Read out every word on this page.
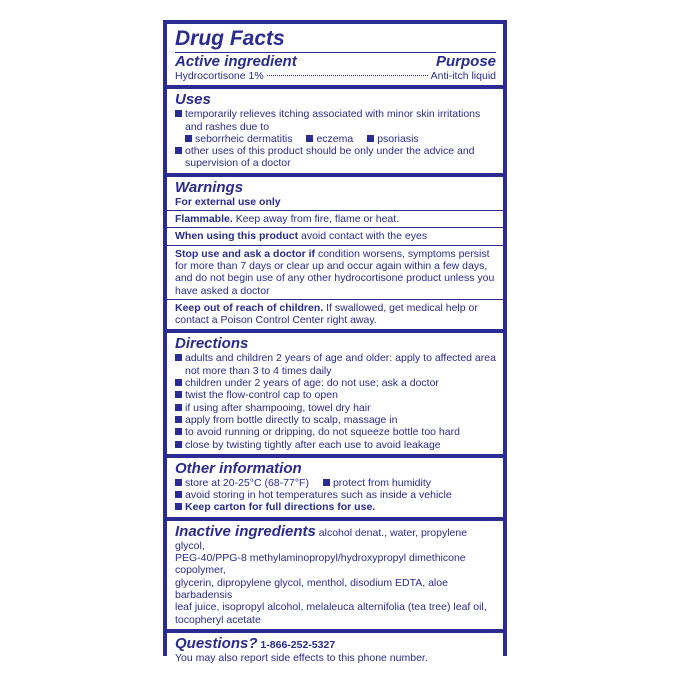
Drug Facts
Active ingredient	Purpose
Hydrocortisone 1%	Anti-itch liquid
Uses
temporarily relieves itching associated with minor skin irritations
and rashes due to
seborrheic dermatitis eczema psoriasis
other uses of this product should be only under the advice and
supervision of a doctor
Warnings
For external use only
Flammable. Keep away from fire, flame or heat.
When using this product avoid contact with the eyes
Stop use and ask a doctor if condition worsens, symptoms persist
for more than 7 days or clear up and occur again within a few days,
and do not begin use of any other hydrocortisone product unless you
have asked a doctor
Keep out of reach of children. If swallowed, get medical help or
contact a Poison Control Center right away.
Directions
adults and children 2 years of age and older: apply to affected area
not more than 3 to 4 times daily
children under 2 years of age: do not use; ask a doctor
twist the flow-control cap to open
if using after shampooing, towel dry hair
apply from bottle directly to scalp, massage in
to avoid running or dripping, do not squeeze bottle too hard
close by twisting tightly after each use to avoid leakage
Other information
store at 20-25°C (68-77°F) protect from humidity
avoid storing in hot temperatures such as inside a vehicle
Keep carton for full directions for use.
Inactive ingredients alcohol denat., water, propylene glycol,
PEG-40/PPG-8 methylaminopropyl/hydroxypropyl dimethicone copolymer,
glycerin, dipropylene glycol, menthol, disodium EDTA, aloe barbadensis
leaf juice, isopropyl alcohol, melaleuca alternifolia (tea tree) leaf oil,
tocopheryl acetate
Questions? 1-866-252-5327
You may also report side effects to this phone number.
